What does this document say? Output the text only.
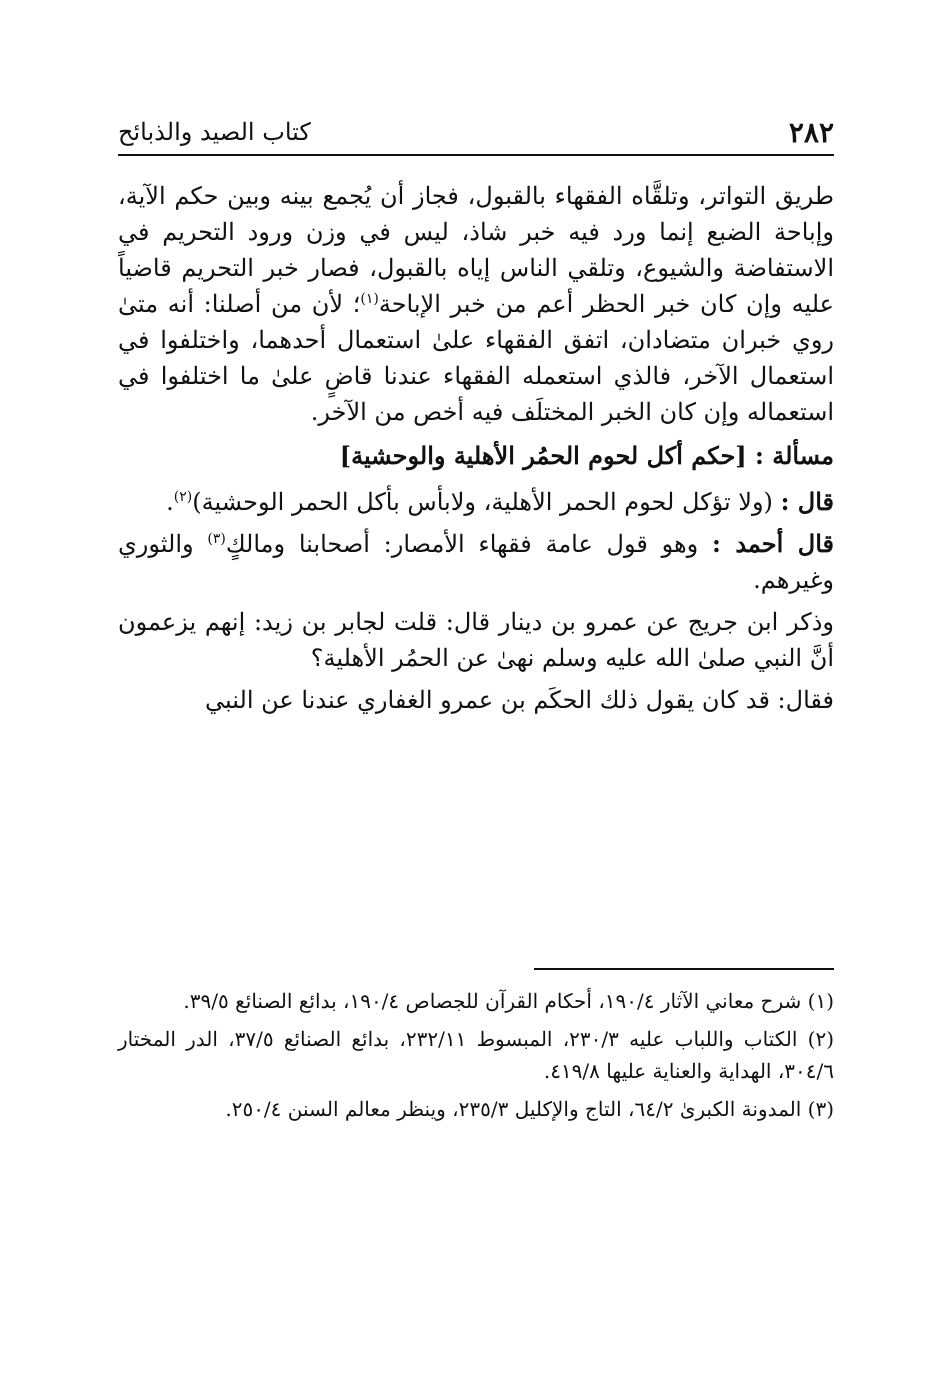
٢٨٢
كتاب الصيد والذبائح

طريق التواتر، وتلقَّاه الفقهاء بالقبول، فجاز أن يُجمع بينه وبين حكم الآية، وإباحة الضبع إنما ورد فيه خبر شاذ، ليس في وزن ورود التحريم في الاستفاضة والشيوع، وتلقي الناس إياه بالقبول، فصار خبر التحريم قاضياً عليه وإن كان خبر الحظر أعم من خبر الإباحة$^{(١)}$؛ لأن من أصلنا: أنه متىٰ روي خبران متضادان، اتفق الفقهاء علىٰ استعمال أحدهما، واختلفوا في استعمال الآخر، فالذي استعمله الفقهاء عندنا قاضٍ علىٰ ما اختلفوا في استعماله وإن كان الخبر المختلَف فيه أخص من الآخر.

مسألة : [حكم أكل لحوم الحمُر الأهلية والوحشية]

قال : (ولا تؤكل لحوم الحمر الأهلية، ولابأس بأكل الحمر الوحشية)$^{(٢)}$.

قال أحمد : وهو قول عامة فقهاء الأمصار: أصحابنا ومالكٍ$^{(٣)}$ والثوري وغيرهم.

وذكر ابن جريج عن عمرو بن دينار قال: قلت لجابر بن زيد: إنهم يزعمون أنَّ النبي صلىٰ الله عليه وسلم نهىٰ عن الحمُر الأهلية؟

فقال: قد كان يقول ذلك الحكَم بن عمرو الغفاري عندنا عن النبي

(١) شرح معاني الآثار ١٩٠/٤، أحكام القرآن للجصاص ١٩٠/٤، بدائع الصنائع ٣٩/٥.

(٢) الكتاب واللباب عليه ٢٣٠/٣، المبسوط ٢٣٢/١١، بدائع الصنائع ٣٧/٥، الدر المختار ٣٠٤/٦، الهداية والعناية عليها ٤١٩/٨.

(٣) المدونة الكبرىٰ ٦٤/٢، التاج والإكليل ٢٣٥/٣، وينظر معالم السنن ٢٥٠/٤.
